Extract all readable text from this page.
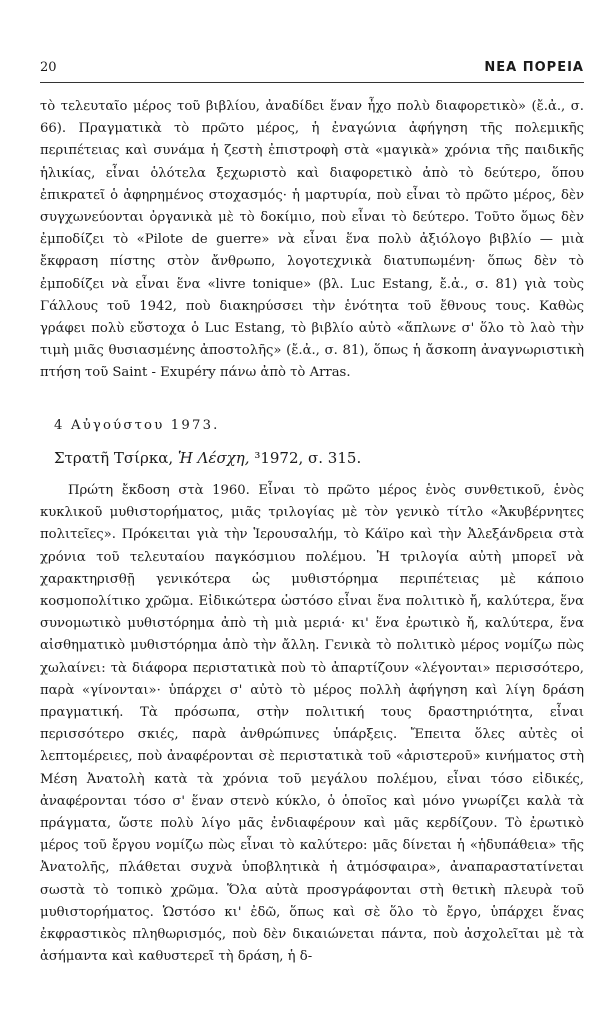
20	ΝΕΑ ΠΟΡΕΙΑ

τὸ τελευταῖο μέρος τοῦ βιβλίου, ἀναδίδει ἕναν ἦχο πολὺ διαφορετικὸ» (ἔ.ἀ., σ. 66). Πραγματικὰ τὸ πρῶτο μέρος, ἡ ἐναγώνια ἀφήγηση τῆς πολεμικῆς περιπέτειας καὶ συνάμα ἡ ζεστὴ ἐπιστροφὴ στὰ «μαγικὰ» χρόνια τῆς παιδικῆς ἡλικίας, εἶναι ὁλότελα ξεχωριστὸ καὶ διαφορετικὸ ἀπὸ τὸ δεύτερο, ὅπου ἐπικρατεῖ ὁ ἀφηρημένος στοχασμός· ἡ μαρτυρία, ποὺ εἶναι τὸ πρῶτο μέρος, δὲν συγχωνεύονται ὀργανικὰ μὲ τὸ δοκίμιο, ποὺ εἶναι τὸ δεύτερο. Τοῦτο ὅμως δὲν ἐμποδίζει τὸ «Pilote de guerre» νὰ εἶναι ἕνα πολὺ ἀξιόλογο βιβλίο — μιὰ ἔκφραση πίστης στὸν ἄνθρωπο, λογοτεχνικὰ διατυπωμένη· ὅπως δὲν τὸ ἐμποδίζει νὰ εἶναι ἕνα «livre tonique» (βλ. Luc Estang, ἔ.ἀ., σ. 81) γιὰ τοὺς Γάλλους τοῦ 1942, ποὺ διακηρύσσει τὴν ἑνότητα τοῦ ἔθνους τους. Καθὼς γράφει πολὺ εὔστοχα ὁ Luc Estang, τὸ βιβλίο αὐτὸ «ἅπλωνε σ' ὅλο τὸ λαὸ τὴν τιμὴ μιᾶς θυσιασμένης ἀποστολῆς» (ἔ.ἀ., σ. 81), ὅπως ἡ ἄσκοπη ἀναγνωριστικὴ πτήση τοῦ Saint - Exupéry πάνω ἀπὸ τὸ Arras.

4 Αὐγούστου 1973.
Στρατῆ Τσίρκα, Ἡ Λέσχη, ³1972, σ. 315.

Πρώτη ἔκδοση στὰ 1960. Εἶναι τὸ πρῶτο μέρος ἑνὸς συνθετικοῦ, ἑνὸς κυκλικοῦ μυθιστορήματος, μιᾶς τριλογίας μὲ τὸν γενικὸ τίτλο «Ἀκυβέρνητες πολιτεῖες». Πρόκειται γιὰ τὴν Ἱερουσαλήμ, τὸ Κάϊρο καὶ τὴν Ἀλεξάνδρεια στὰ χρόνια τοῦ τελευταίου παγκόσμιου πολέμου. Ἡ τριλογία αὐτὴ μπορεῖ νὰ χαρακτηρισθῇ γενικότερα ὡς μυθιστόρημα περιπέτειας μὲ κάποιο κοσμοπολίτικο χρῶμα. Εἰδικώτερα ὡστόσο εἶναι ἕνα πολιτικὸ ἤ, καλύτερα, ἕνα συνομωτικὸ μυθιστόρημα ἀπὸ τὴ μιὰ μεριά· κι' ἕνα ἐρωτικὸ ἤ, καλύτερα, ἕνα αἰσθηματικὸ μυθιστόρημα ἀπὸ τὴν ἄλλη. Γενικὰ τὸ πολιτικὸ μέρος νομίζω πὼς χωλαίνει: τὰ διάφορα περιστατικὰ ποὺ τὸ ἀπαρτίζουν «λέγονται» περισσότερο, παρὰ «γίνονται»· ὑπάρχει σ' αὐτὸ τὸ μέρος πολλὴ ἀφήγηση καὶ λίγη δράση πραγματική. Τὰ πρόσωπα, στὴν πολιτική τους δραστηριότητα, εἶναι περισσότερο σκιές, παρὰ ἀνθρώπινες ὑπάρξεις. Ἔπειτα ὅλες αὐτὲς οἱ λεπτομέρειες, ποὺ ἀναφέρονται σὲ περιστατικὰ τοῦ «ἀριστεροῦ» κινήματος στὴ Μέση Ἀνατολὴ κατὰ τὰ χρόνια τοῦ μεγάλου πολέμου, εἶναι τόσο εἰδικές, ἀναφέρονται τόσο σ' ἕναν στενὸ κύκλο, ὁ ὁποῖος καὶ μόνο γνωρίζει καλὰ τὰ πράγματα, ὥστε πολὺ λίγο μᾶς ἐνδιαφέρουν καὶ μᾶς κερδίζουν. Τὸ ἐρωτικὸ μέρος τοῦ ἔργου νομίζω πὼς εἶναι τὸ καλύτερο: μᾶς δίνεται ἡ «ἡδυπάθεια» τῆς Ἀνατολῆς, πλάθεται συχνὰ ὑποβλητικὰ ἡ ἀτμόσφαιρα», ἀναπαραστατίνεται σωστὰ τὸ τοπικὸ χρῶμα. Ὅλα αὐτὰ προσγράφονται στὴ θετικὴ πλευρὰ τοῦ μυθιστορήματος. Ὡστόσο κι' ἐδῶ, ὅπως καὶ σὲ ὅλο τὸ ἔργο, ὑπάρχει ἕνας ἐκφραστικὸς πληθωρισμός, ποὺ δὲν δικαιώνεται πάντα, ποὺ ἀσχολεῖται μὲ τὰ ἀσήμαντα καὶ καθυστερεῖ τὴ δράση, ἡ δ-
